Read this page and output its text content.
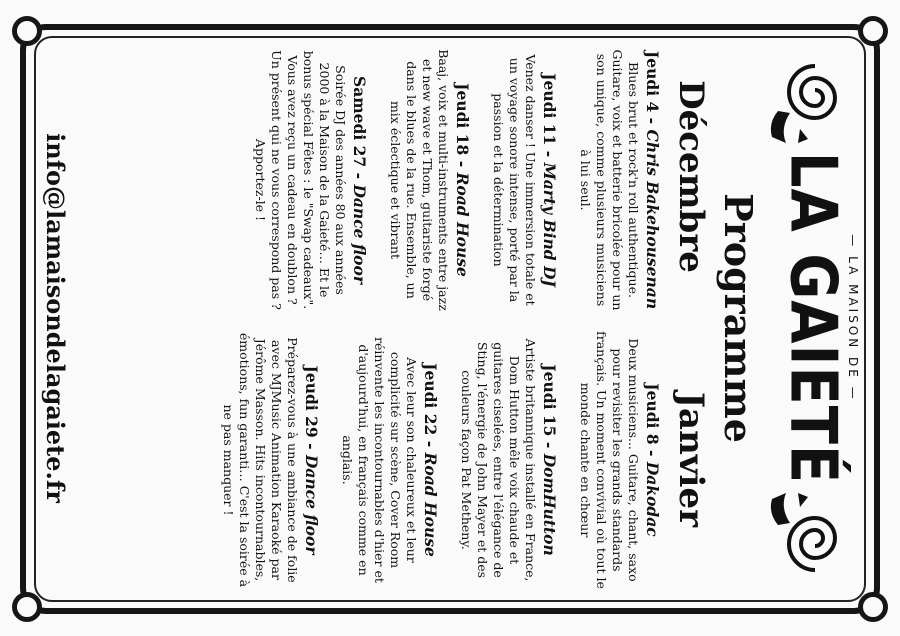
— LA MAISON DE —
LA GAIETÉ
Programme
Décembre
Janvier
Jeudi 4 - Chris Bakehousenan
Blues brut et rock'n roll authentique. Guitare, voix et batterie bricolée pour un son unique, comme plusieurs musiciens à lui seul.
Jeudi 11 - Marty Bind DJ
Venez danser ! Une immersion totale et un voyage sonore intense, porté par la passion et la détermination
Jeudi 18 - Road House
Baaj, voix et multi-instruments entre jazz et new wave et Thom, guitariste forgé dans le blues de la rue. Ensemble, un mix éclectique et vibrant
Samedi 27 - Dance floor
Soirée DJ des années 80 aux années 2000 à la Maison de la Gaieté… Et le bonus spécial Fêtes : le "Swap cadeaux". Vous avez reçu un cadeau en doublon ? Un présent qui ne vous correspond pas ? Apportez-le !
Jeudi 8 - Dakodac
Deux musiciens... Guitare, chant, saxo pour revisiter les grands standards français. Un moment convivial où tout le monde chante en chœur
Jeudi 15 - DomHutton
Artiste britannique installé en France, Dom Hutton mêle voix chaude et guitares ciselées, entre l'élégance de Sting, l'énergie de John Mayer et des couleurs façon Pat Metheny.
Jeudi 22 - Road House
Avec leur son chaleureux et leur complicité sur scène, Cover Room réinvente les incontournables d'hier et d'aujourd'hui, en français comme en anglais.
Jeudi 29 - Dance floor
Préparez-vous à une ambiance de folie avec MJMusic Animation Karaoké par Jérôme Masson. Hits incontournables, émotions, fun garanti… C'est la soirée à ne pas manquer !
info@lamaisondelagaiete.fr
